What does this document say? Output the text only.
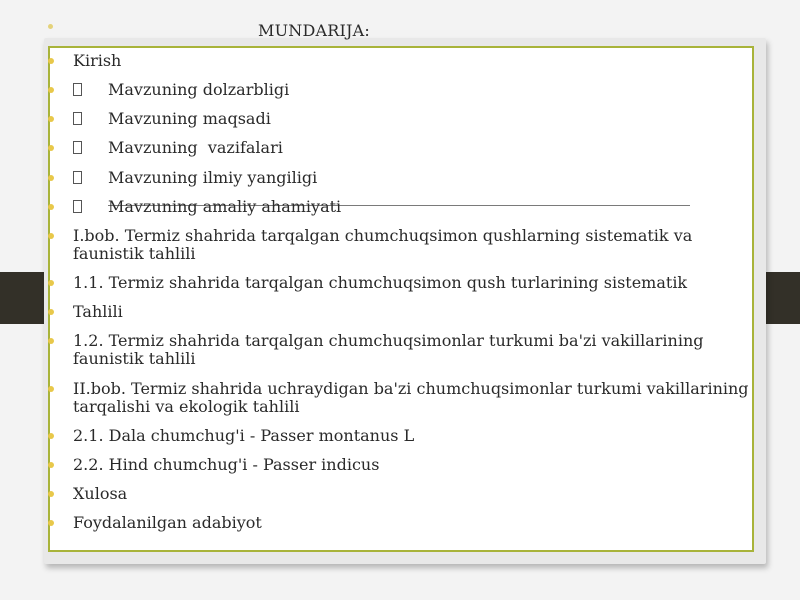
MUNDARIJA:
Kirish
Mavzuning dolzarbligi
Mavzuning maqsadi
Mavzuning  vazifalari
Mavzuning ilmiy yangiligi
Mavzuning amaliy ahamiyati
I.bob. Termiz shahrida tarqalgan chumchuqsimon qushlarning sistematik va faunistik tahlili
1.1. Termiz shahrida tarqalgan chumchuqsimon qush turlarining sistematik
Tahlili
1.2. Termiz shahrida tarqalgan chumchuqsimonlar turkumi ba'zi vakillarining faunistik tahlili
II.bob. Termiz shahrida uchraydigan ba'zi chumchuqsimonlar turkumi vakillarining tarqalishi va ekologik tahlili
2.1. Dala chumchug'i - Passer montanus L
2.2. Hind chumchug'i - Passer indicus
Xulosa
Foydalanilgan adabiyot
